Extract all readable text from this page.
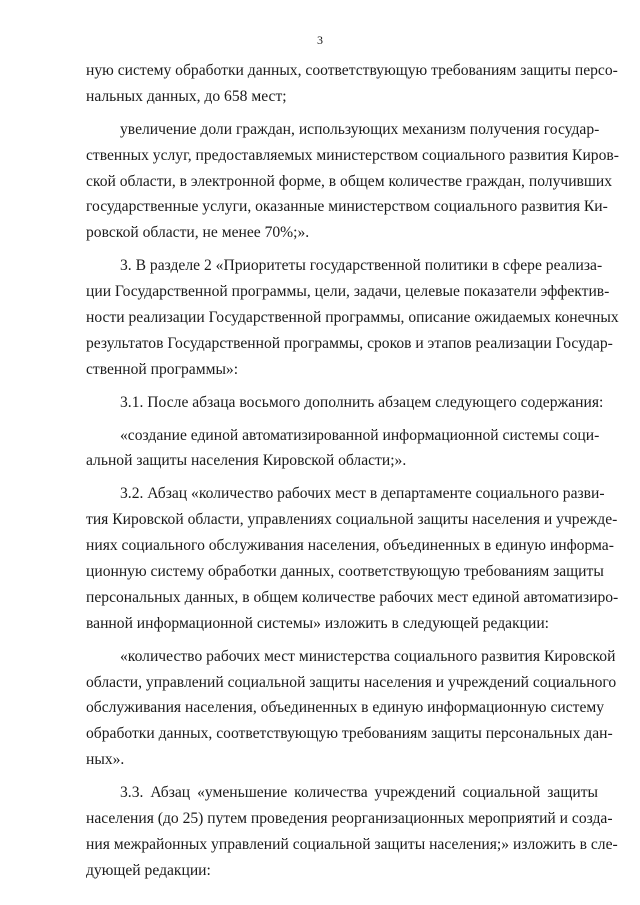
3
ную систему обработки данных, соответствующую требованиям защиты персо-
нальных данных, до 658 мест;
увеличение доли граждан, использующих механизм получения государ-
ственных услуг, предоставляемых министерством социального развития Киров-
ской области, в электронной форме, в общем количестве граждан, получивших
государственные услуги, оказанные министерством социального развития Ки-
ровской области, не менее 70%;».
3. В разделе 2 «Приоритеты государственной политики в сфере реализа-
ции Государственной программы, цели, задачи, целевые показатели эффектив-
ности реализации Государственной программы, описание ожидаемых конечных
результатов Государственной программы, сроков и этапов реализации Государ-
ственной программы»:
3.1. После абзаца восьмого дополнить абзацем следующего содержания:
«создание единой автоматизированной информационной системы соци-
альной защиты населения Кировской области;».
3.2. Абзац «количество рабочих мест в департаменте социального разви-
тия Кировской области, управлениях социальной защиты населения и учрежде-
ниях социального обслуживания населения, объединенных в единую информа-
ционную систему обработки данных, соответствующую требованиям защиты
персональных данных, в общем количестве рабочих мест единой автоматизиро-
ванной информационной системы» изложить в следующей редакции:
«количество рабочих мест министерства социального развития Кировской
области, управлений социальной защиты населения и учреждений социального
обслуживания населения, объединенных в единую информационную систему
обработки данных, соответствующую требованиям защиты персональных дан-
ных».
3.3. Абзац «уменьшение количества учреждений социальной защиты
населения (до 25) путем проведения реорганизационных мероприятий и созда-
ния межрайонных управлений социальной защиты населения;» изложить в сле-
дующей редакции:
